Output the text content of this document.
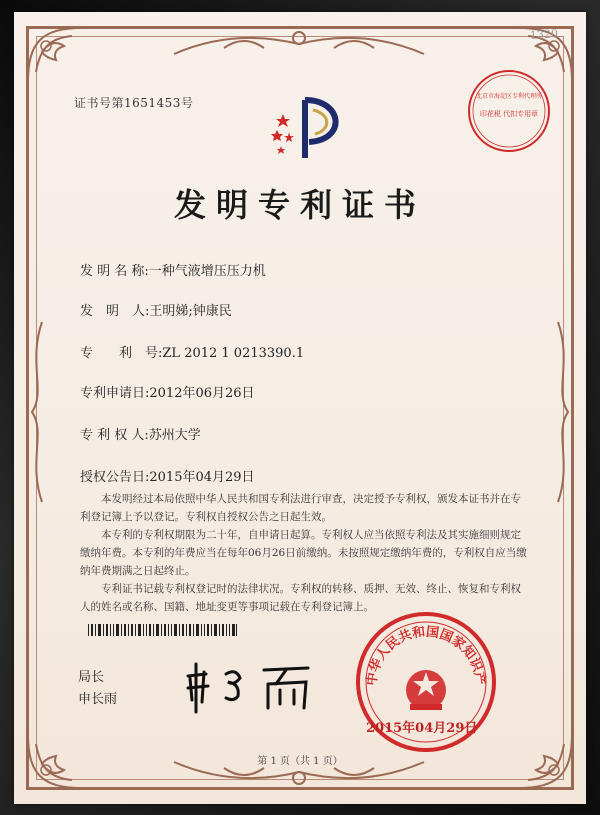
1320
证书号第1651453号	北京市海淀区专利代理所
印花税 代扣专用章
发明专利证书
发 明 名 称:一种气液增压压力机
发　明　人:王明娣;钟康民
专　　利　号:ZL 2012 1 0213390.1
专利申请日:2012年06月26日
专 利 权 人:苏州大学
授权公告日:2015年04月29日

本发明经过本局依照中华人民共和国专利法进行审查，决定授予专利权，颁发本证书并在专利登记簿上予以登记。专利权自授权公告之日起生效。

本专利的专利权期限为二十年，自申请日起算。专利权人应当依照专利法及其实施细则规定缴纳年费。本专利的年费应当在每年06月26日前缴纳。未按照规定缴纳年费的，专利权自应当缴纳年费期满之日起终止。

专利证书记载专利权登记时的法律状况。专利权的转移、质押、无效、终止、恢复和专利权人的姓名或名称、国籍、地址变更等事项记载在专利登记簿上。

局长
申长雨
中华人民共和国国家知识产
2015年04月29日
第 1 页（共 1 页）
